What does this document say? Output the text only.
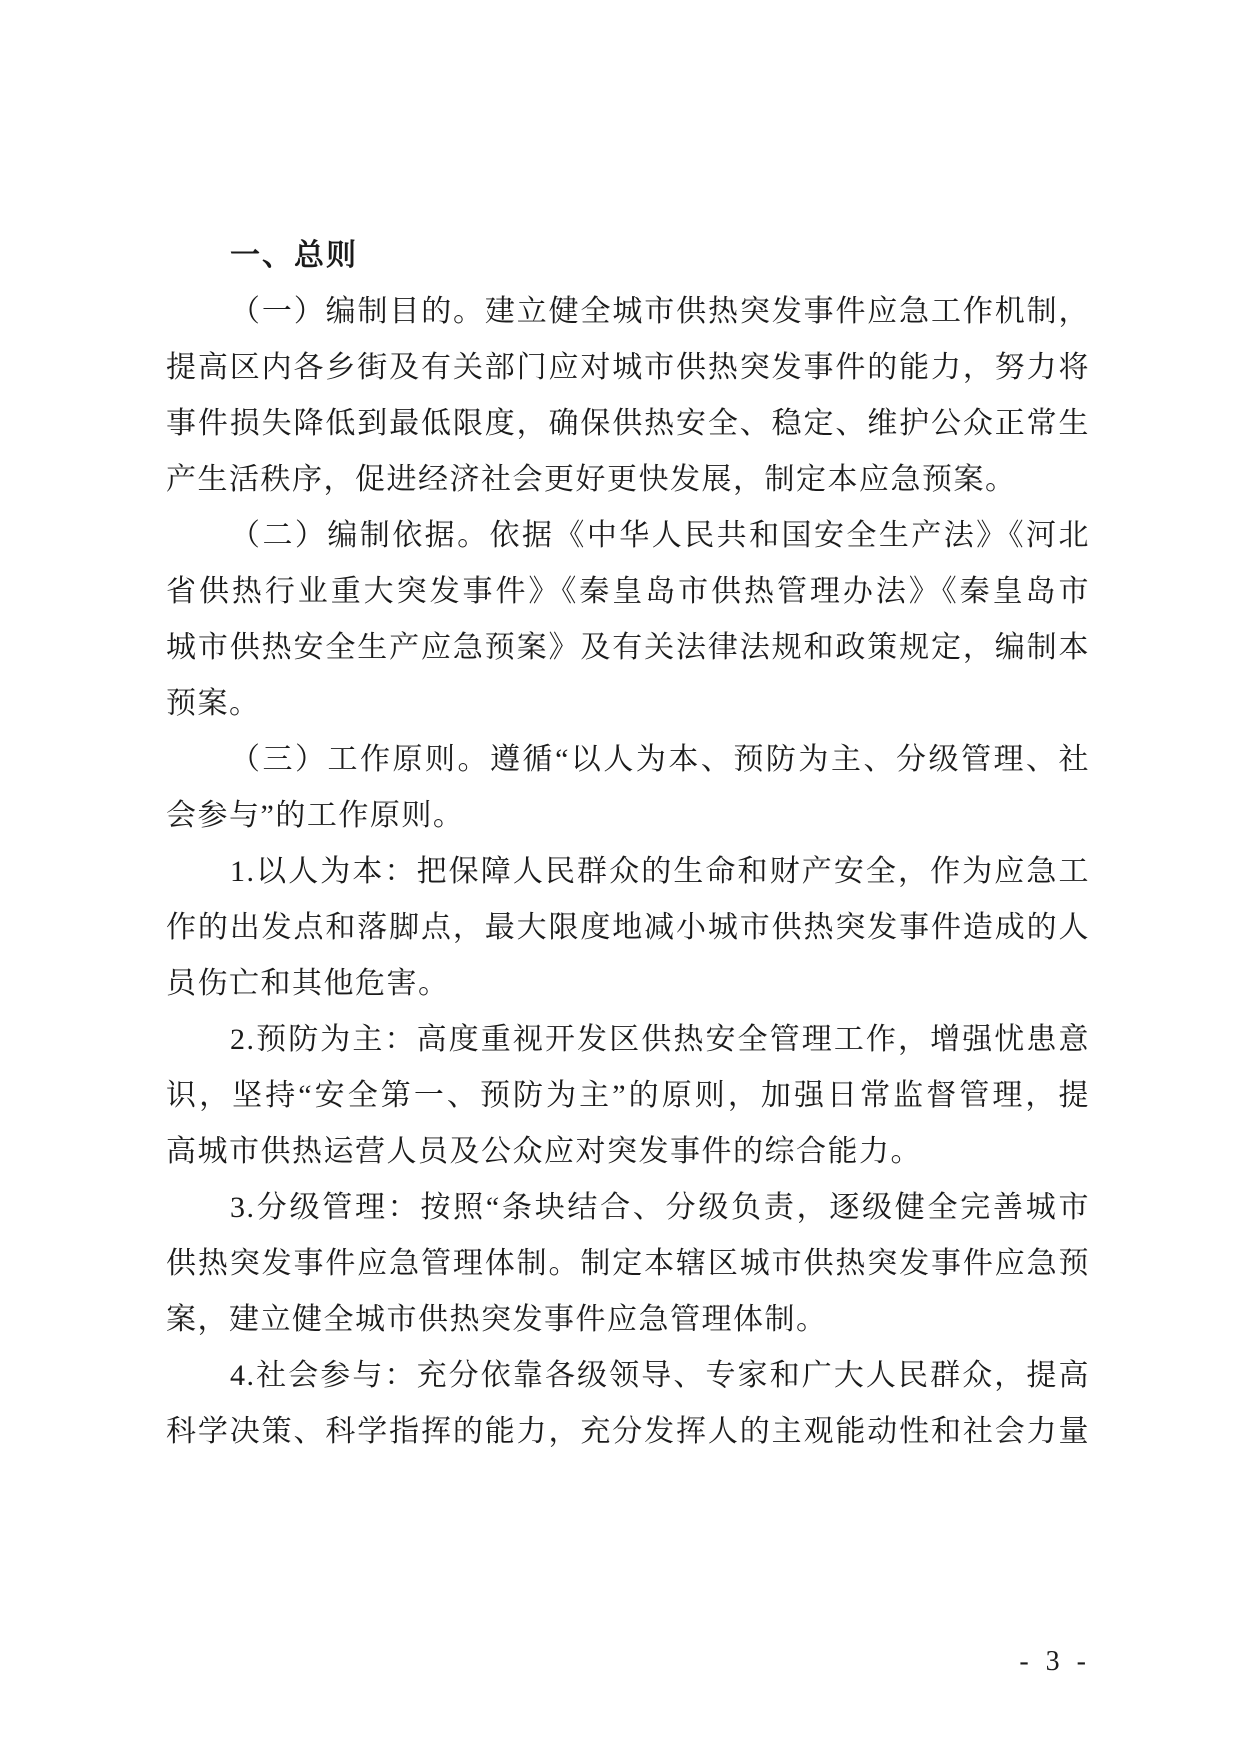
一、总则
（一）编制目的。建立健全城市供热突发事件应急工作机制，
提高区内各乡街及有关部门应对城市供热突发事件的能力，努力将
事件损失降低到最低限度，确保供热安全、稳定、维护公众正常生
产生活秩序，促进经济社会更好更快发展，制定本应急预案。
（二）编制依据。依据《中华人民共和国安全生产法》《河北
省供热行业重大突发事件》《秦皇岛市供热管理办法》《秦皇岛市
城市供热安全生产应急预案》及有关法律法规和政策规定，编制本
预案。
（三）工作原则。遵循“以人为本、预防为主、分级管理、社
会参与”的工作原则。
1.以人为本：把保障人民群众的生命和财产安全，作为应急工
作的出发点和落脚点，最大限度地减小城市供热突发事件造成的人
员伤亡和其他危害。
2.预防为主：高度重视开发区供热安全管理工作，增强忧患意
识，坚持“安全第一、预防为主”的原则，加强日常监督管理，提
高城市供热运营人员及公众应对突发事件的综合能力。
3.分级管理：按照“条块结合、分级负责，逐级健全完善城市
供热突发事件应急管理体制。制定本辖区城市供热突发事件应急预
案，建立健全城市供热突发事件应急管理体制。
4.社会参与：充分依靠各级领导、专家和广大人民群众，提高
科学决策、科学指挥的能力，充分发挥人的主观能动性和社会力量
- 3 -
